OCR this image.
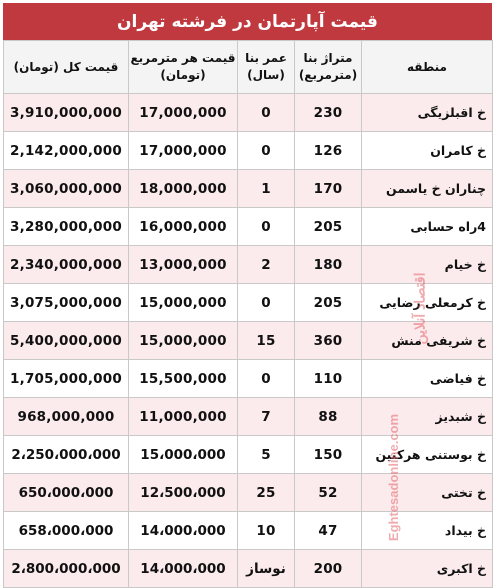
قیمت آپارتمان در فرشته تهران
منطقه	متراژ بنا (مترمربع)	عمر بنا (سال)	قیمت هر مترمربع (تومان)	قیمت کل (تومان)
خ اقبلزیگی	230	0	17,000,000	3,910,000,000
خ کامران	126	0	17,000,000	2,142,000,000
چناران خ یاسمن	170	1	18,000,000	3,060,000,000
4راه حسابی	205	0	16,000,000	3,280,000,000
خ خیام	180	2	13,000,000	2,340,000,000
خ کرمعلی رضایی	205	0	15,000,000	3,075,000,000
خ شریفی منش	360	15	15,000,000	5,400,000,000
خ فیاضی	110	0	15,500,000	1,705,000,000
خ شبدیز	88	7	11,000,000	968,000,000
خ بوستنی هرکنین	150	5	15،000،000	2،250،000،000
خ تختی	52	25	12،500،000	650،000،000
خ بیداد	47	10	14،000،000	658،000،000
خ اکبری	200	نوساز	14،000،000	2،800،000،000
اقتصاد آنلاین
Eghtesadonline.com
